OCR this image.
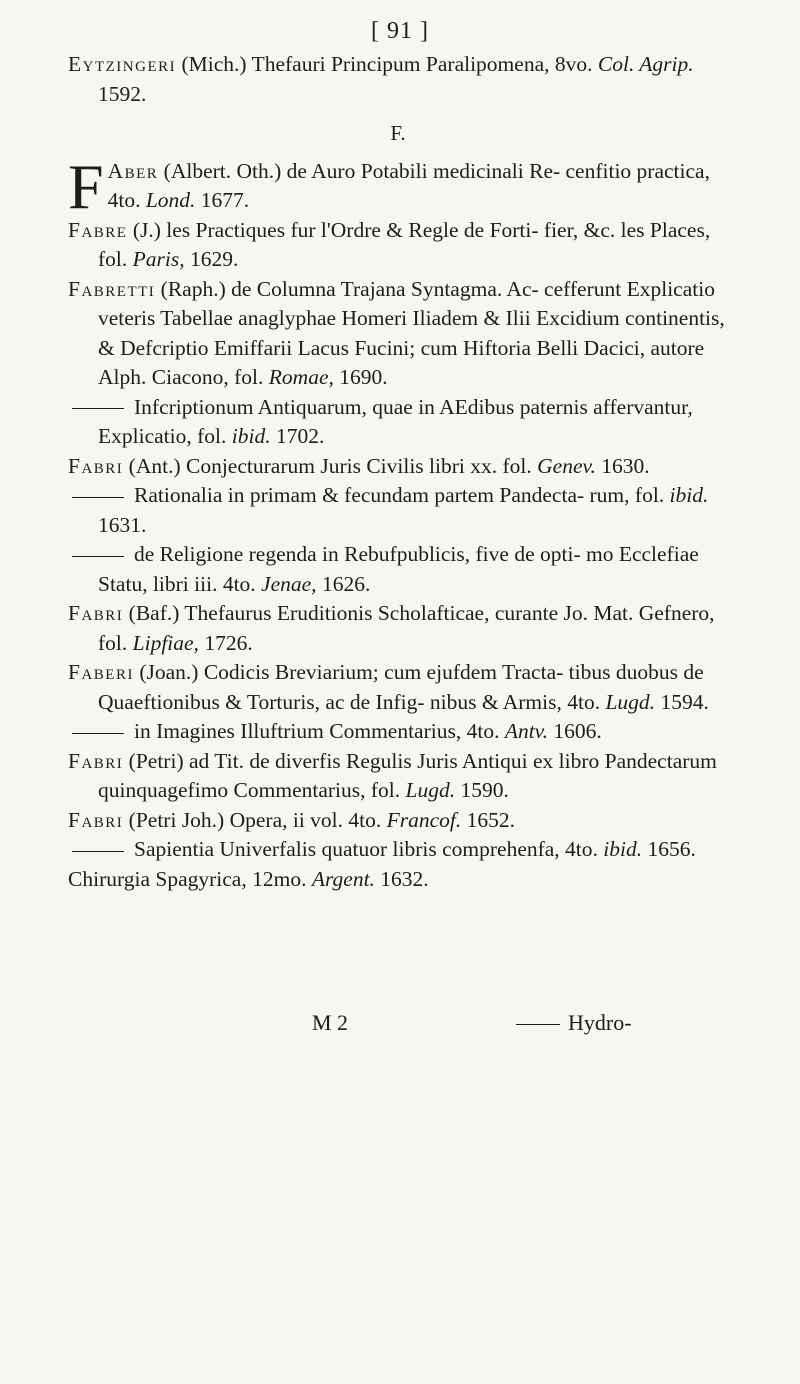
[ 91 ]

Eytzingeri (Mich.) Thefauri Principum Paralipomena, 8vo. Col. Agrip. 1592.

F.

F Aber (Albert. Oth.) de Auro Potabili medicinali Re- cenfitio practica, 4to. Lond. 1677.

Fabre (J.) les Practiques fur l'Ordre & Regle de Forti- fier, &c. les Places, fol. Paris, 1629.

Fabretti (Raph.) de Columna Trajana Syntagma. Ac- cefferunt Explicatio veteris Tabellae anaglyphae Homeri Iliadem & Ilii Excidium continentis, & Defcriptio Emiffarii Lacus Fucini; cum Hiftoria Belli Dacici, autore Alph. Ciacono, fol. Romae, 1690.

Infcriptionum Antiquarum, quae in AEdibus paternis affervantur, Explicatio, fol. ibid. 1702.

Fabri (Ant.) Conjecturarum Juris Civilis libri xx. fol. Genev. 1630.

Rationalia in primam & fecundam partem Pandecta- rum, fol. ibid. 1631.

de Religione regenda in Rebufpublicis, five de opti- mo Ecclefiae Statu, libri iii. 4to. Jenae, 1626.

Fabri (Baf.) Thefaurus Eruditionis Scholafticae, curante Jo. Mat. Gefnero, fol. Lipfiae, 1726.

Faberi (Joan.) Codicis Breviarium; cum ejufdem Tracta- tibus duobus de Quaeftionibus & Torturis, ac de Infig- nibus & Armis, 4to. Lugd. 1594.

in Imagines Illuftrium Commentarius, 4to. Antv. 1606.

Fabri (Petri) ad Tit. de diverfis Regulis Juris Antiqui ex libro Pandectarum quinquagefimo Commentarius, fol. Lugd. 1590.

Fabri (Petri Joh.) Opera, ii vol. 4to. Francof. 1652.

Sapientia Univerfalis quatuor libris comprehenfa, 4to. ibid. 1656.

Chirurgia Spagyrica, 12mo. Argent. 1632.

M 2	Hydro-
